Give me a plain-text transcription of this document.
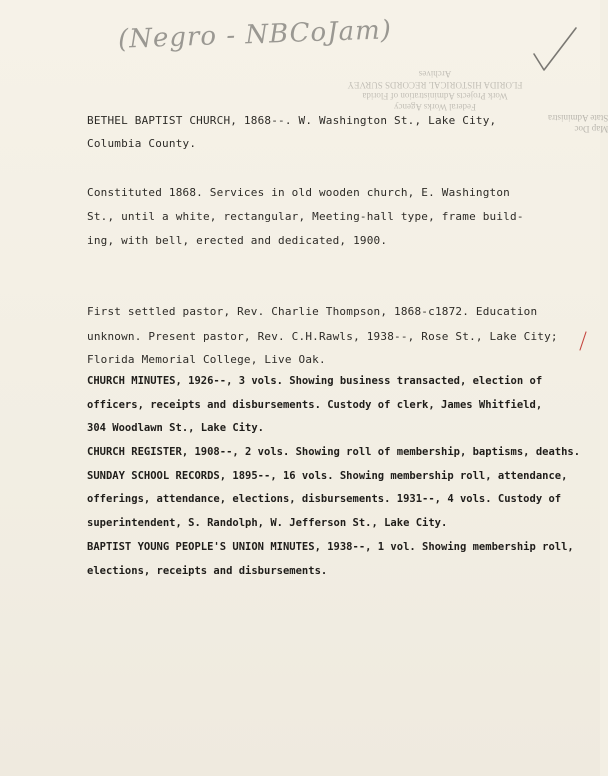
(Negro - NBCoJam)
Federal Works Agency
Work Projects Administration of Florida
FLORIDA HISTORICAL RECORDS SURVEY
Archives
Map Doc
State Administra
BETHEL BAPTIST CHURCH, 1868--. W. Washington St., Lake City,
Columbia County.
Constituted 1868. Services in old wooden church, E. Washington
St., until a white, rectangular, Meeting-hall type, frame build-
ing, with bell, erected and dedicated, 1900.
First settled pastor, Rev. Charlie Thompson, 1868-c1872. Education
unknown. Present pastor, Rev. C.H.Rawls, 1938--, Rose St., Lake City;
Florida Memorial College, Live Oak.
CHURCH MINUTES, 1926--, 3 vols. Showing business transacted, election of
officers, receipts and disbursements. Custody of clerk, James Whitfield,
304 Woodlawn St., Lake City.
CHURCH REGISTER, 1908--, 2 vols. Showing roll of membership, baptisms, deaths.
SUNDAY SCHOOL RECORDS, 1895--, 16 vols. Showing membership roll, attendance,
offerings, attendance, elections, disbursements. 1931--, 4 vols. Custody of
superintendent, S. Randolph, W. Jefferson St., Lake City.
BAPTIST YOUNG PEOPLE'S UNION MINUTES, 1938--, 1 vol. Showing membership roll,
elections, receipts and disbursements.
